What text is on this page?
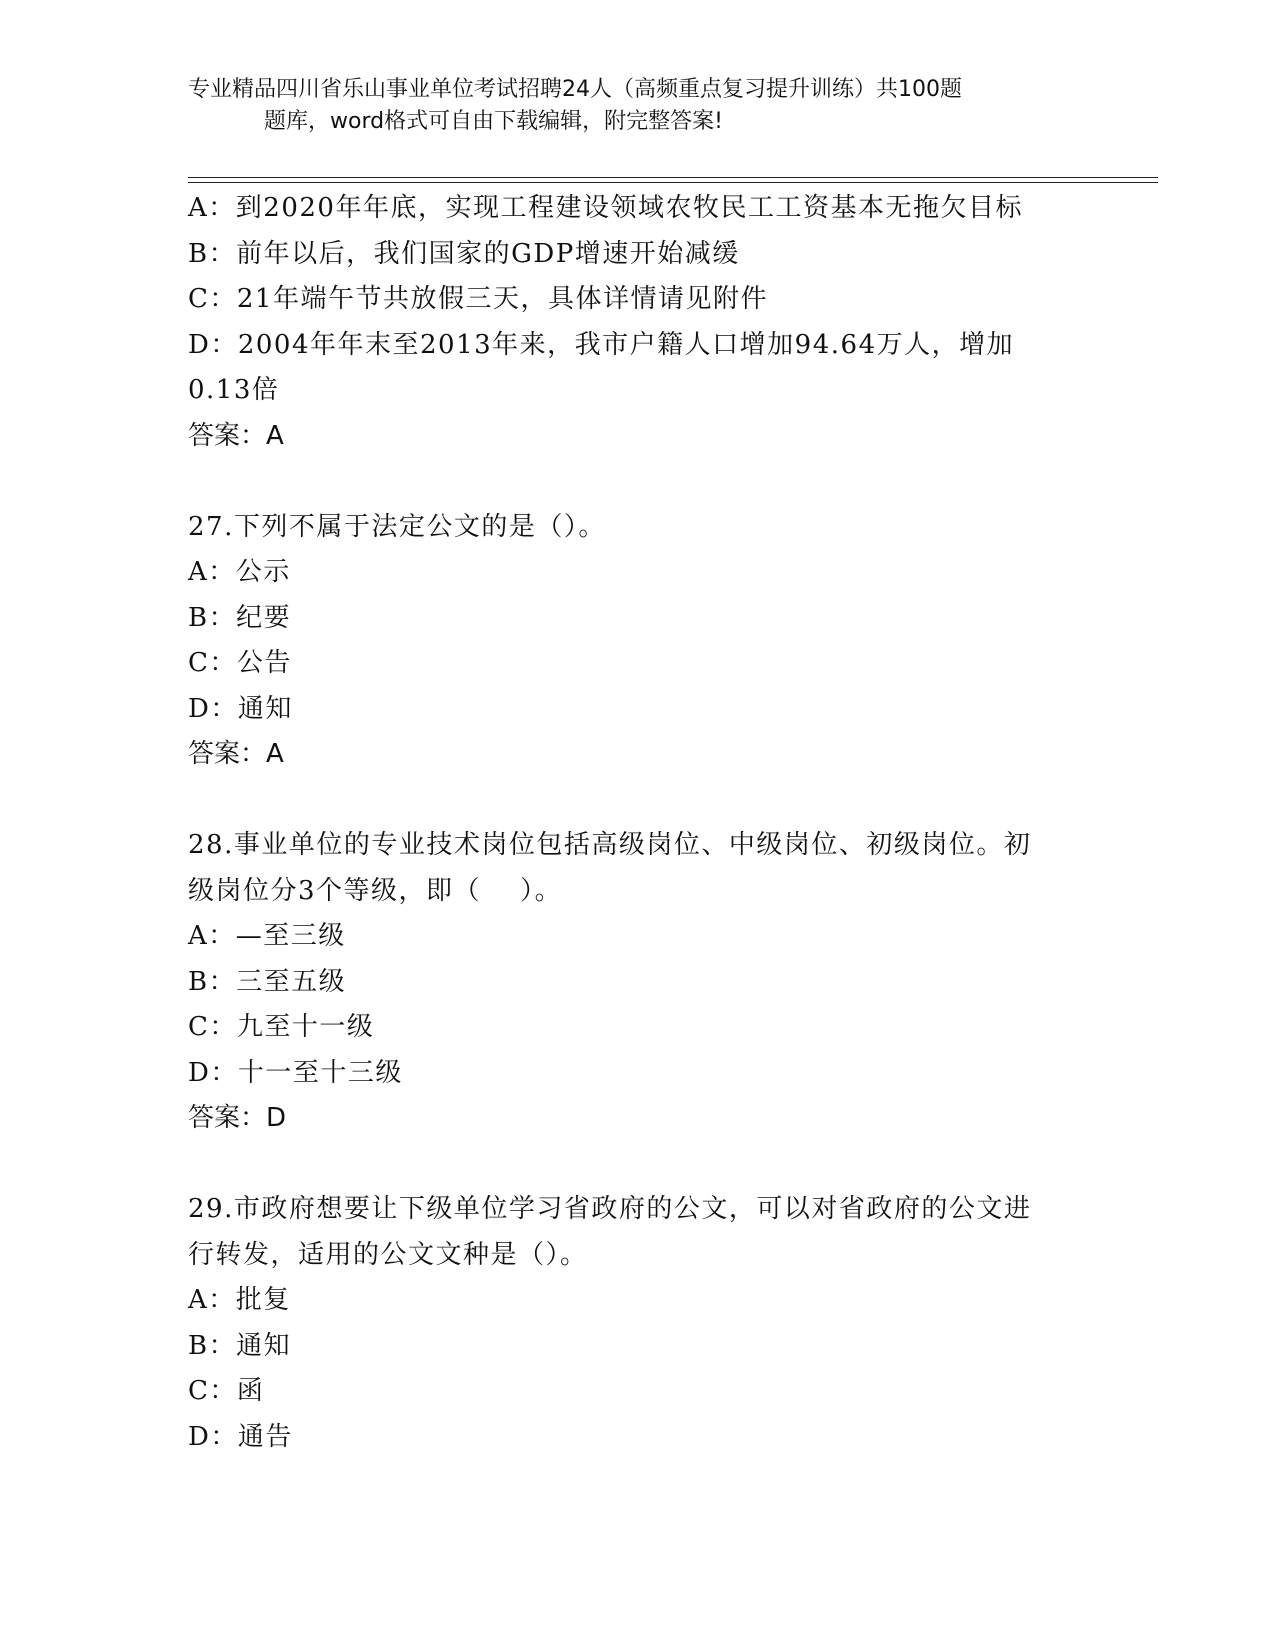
专业精品四川省乐山事业单位考试招聘24人（高频重点复习提升训练）共100题
题库，word格式可自由下载编辑，附完整答案!
A：到2020年年底，实现工程建设领域农牧民工工资基本无拖欠目标
B：前年以后，我们国家的GDP增速开始减缓
C：21年端午节共放假三天，具体详情请见附件
D：2004年年末至2013年来，我市户籍人口增加94.64万人，增加
0.13倍
答案：A
27.下列不属于法定公文的是（）。
A：公示
B：纪要
C：公告
D：通知
答案：A
28.事业单位的专业技术岗位包括高级岗位、中级岗位、初级岗位。初
级岗位分3个等级，即（    ）。
A：—至三级
B：三至五级
C：九至十一级
D：十一至十三级
答案：D
29.市政府想要让下级单位学习省政府的公文，可以对省政府的公文进
行转发，适用的公文文种是（）。
A：批复
B：通知
C：函
D：通告
